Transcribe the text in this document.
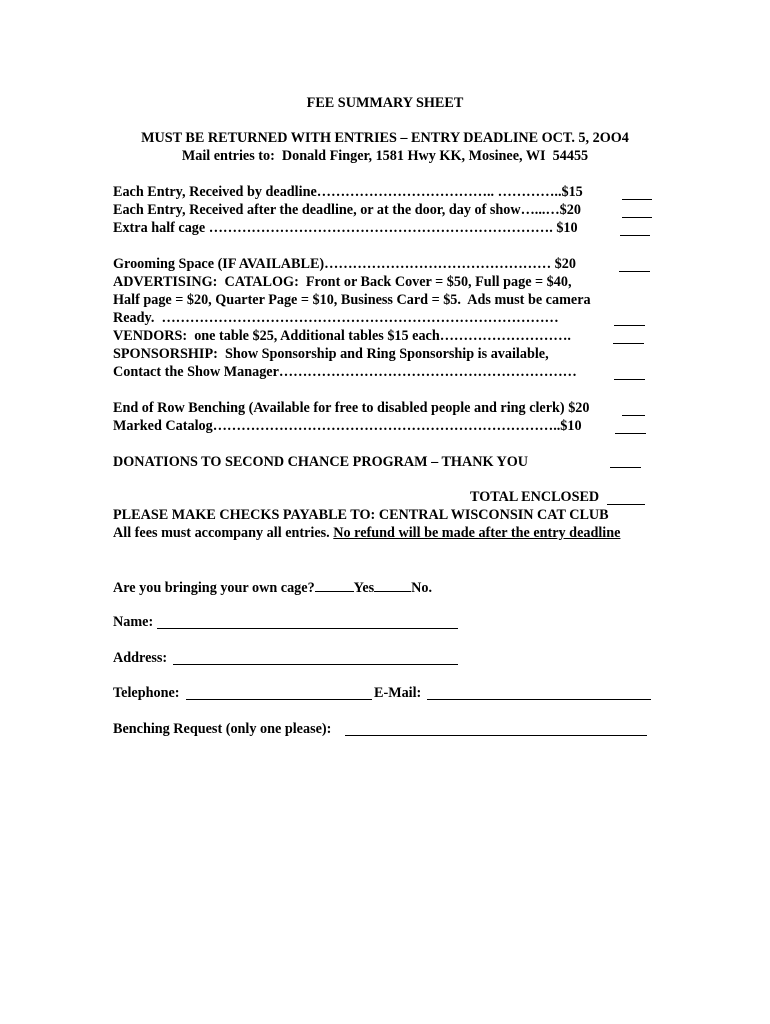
FEE SUMMARY SHEET
MUST BE RETURNED WITH ENTRIES – ENTRY DEADLINE OCT. 5, 2OO4
Mail entries to:  Donald Finger, 1581 Hwy KK, Mosinee, WI  54455
Each Entry, Received by deadline……………………………….. …………..$15
Each Entry, Received after the deadline, or at the door, day of show…...…$20
Extra half cage ………………………………………………………………. $10
Grooming Space (IF AVAILABLE)………………………………………… $20
ADVERTISING:  CATALOG:  Front or Back Cover = $50, Full page = $40,
Half page = $20, Quarter Page = $10, Business Card = $5.  Ads must be camera
Ready.  …………………………………………………………………………
VENDORS:  one table $25, Additional tables $15 each……………………….
SPONSORSHIP:  Show Sponsorship and Ring Sponsorship is available,
Contact the Show Manager………………………………………………………
End of Row Benching (Available for free to disabled people and ring clerk) $20
Marked Catalog………………………………………………………………..$10
DONATIONS TO SECOND CHANCE PROGRAM – THANK YOU
TOTAL ENCLOSED
PLEASE MAKE CHECKS PAYABLE TO: CENTRAL WISCONSIN CAT CLUB
All fees must accompany all entries. No refund will be made after the entry deadline
Are you bringing your own cage?	Yes	No.
Name:
Address:
Telephone:	E-Mail:
Benching Request (only one please):
